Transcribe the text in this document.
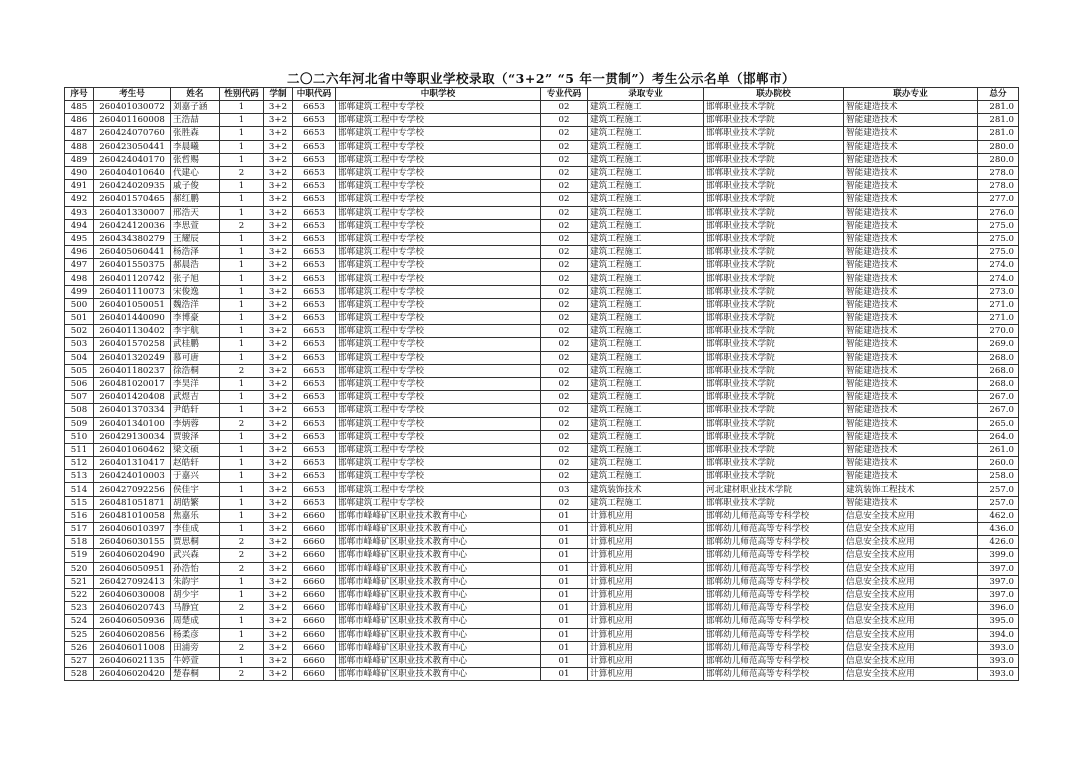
二〇二六年河北省中等职业学校录取（“3+2” “5 年一贯制”）考生公示名单（邯郸市）
序号	考生号	姓名	性别代码	学制	中职代码	中职学校	专业代码	录取专业	联办院校	联办专业	总分
485	260401030072	刘嘉子涵	1	3+2	6653	邯郸建筑工程中专学校	02	建筑工程施工	邯郸职业技术学院	智能建造技术	281.0
486	260401160008	王浩喆	1	3+2	6653	邯郸建筑工程中专学校	02	建筑工程施工	邯郸职业技术学院	智能建造技术	281.0
487	260424070760	张胜森	1	3+2	6653	邯郸建筑工程中专学校	02	建筑工程施工	邯郸职业技术学院	智能建造技术	281.0
488	260423050441	李晨曦	1	3+2	6653	邯郸建筑工程中专学校	02	建筑工程施工	邯郸职业技术学院	智能建造技术	280.0
489	260424040170	张哲赐	1	3+2	6653	邯郸建筑工程中专学校	02	建筑工程施工	邯郸职业技术学院	智能建造技术	280.0
490	260404010640	代建心	2	3+2	6653	邯郸建筑工程中专学校	02	建筑工程施工	邯郸职业技术学院	智能建造技术	278.0
491	260424020935	戚子俊	1	3+2	6653	邯郸建筑工程中专学校	02	建筑工程施工	邯郸职业技术学院	智能建造技术	278.0
492	260401570465	郝红鹏	1	3+2	6653	邯郸建筑工程中专学校	02	建筑工程施工	邯郸职业技术学院	智能建造技术	277.0
493	260401330007	邢浩天	1	3+2	6653	邯郸建筑工程中专学校	02	建筑工程施工	邯郸职业技术学院	智能建造技术	276.0
494	260424120036	李思萱	2	3+2	6653	邯郸建筑工程中专学校	02	建筑工程施工	邯郸职业技术学院	智能建造技术	275.0
495	260434380279	王耀辰	1	3+2	6653	邯郸建筑工程中专学校	02	建筑工程施工	邯郸职业技术学院	智能建造技术	275.0
496	260405060441	杨浩泽	1	3+2	6653	邯郸建筑工程中专学校	02	建筑工程施工	邯郸职业技术学院	智能建造技术	275.0
497	260401550375	郝晨浩	1	3+2	6653	邯郸建筑工程中专学校	02	建筑工程施工	邯郸职业技术学院	智能建造技术	274.0
498	260401120742	张子旭	1	3+2	6653	邯郸建筑工程中专学校	02	建筑工程施工	邯郸职业技术学院	智能建造技术	274.0
499	260401110073	宋俊逸	1	3+2	6653	邯郸建筑工程中专学校	02	建筑工程施工	邯郸职业技术学院	智能建造技术	273.0
500	260401050051	魏浩洋	1	3+2	6653	邯郸建筑工程中专学校	02	建筑工程施工	邯郸职业技术学院	智能建造技术	271.0
501	260401440090	李博豪	1	3+2	6653	邯郸建筑工程中专学校	02	建筑工程施工	邯郸职业技术学院	智能建造技术	271.0
502	260401130402	李宇航	1	3+2	6653	邯郸建筑工程中专学校	02	建筑工程施工	邯郸职业技术学院	智能建造技术	270.0
503	260401570258	武桂鹏	1	3+2	6653	邯郸建筑工程中专学校	02	建筑工程施工	邯郸职业技术学院	智能建造技术	269.0
504	260401320249	慕可唐	1	3+2	6653	邯郸建筑工程中专学校	02	建筑工程施工	邯郸职业技术学院	智能建造技术	268.0
505	260401180237	徐浩桐	2	3+2	6653	邯郸建筑工程中专学校	02	建筑工程施工	邯郸职业技术学院	智能建造技术	268.0
506	260481020017	李昊洋	1	3+2	6653	邯郸建筑工程中专学校	02	建筑工程施工	邯郸职业技术学院	智能建造技术	268.0
507	260401420408	武煜吉	1	3+2	6653	邯郸建筑工程中专学校	02	建筑工程施工	邯郸职业技术学院	智能建造技术	267.0
508	260401370334	尹皓轩	1	3+2	6653	邯郸建筑工程中专学校	02	建筑工程施工	邯郸职业技术学院	智能建造技术	267.0
509	260401340100	李炳蓉	2	3+2	6653	邯郸建筑工程中专学校	02	建筑工程施工	邯郸职业技术学院	智能建造技术	265.0
510	260429130034	贾骏泽	1	3+2	6653	邯郸建筑工程中专学校	02	建筑工程施工	邯郸职业技术学院	智能建造技术	264.0
511	260401060462	梁文硕	1	3+2	6653	邯郸建筑工程中专学校	02	建筑工程施工	邯郸职业技术学院	智能建造技术	261.0
512	260401310417	赵皓轩	1	3+2	6653	邯郸建筑工程中专学校	02	建筑工程施工	邯郸职业技术学院	智能建造技术	260.0
513	260424010003	于嘉兴	1	3+2	6653	邯郸建筑工程中专学校	02	建筑工程施工	邯郸职业技术学院	智能建造技术	258.0
514	260427092256	侯佳宇	1	3+2	6653	邯郸建筑工程中专学校	03	建筑装饰技术	河北建材职业技术学院	建筑装饰工程技术	257.0
515	260481051871	胡皓繁	1	3+2	6653	邯郸建筑工程中专学校	02	建筑工程施工	邯郸职业技术学院	智能建造技术	257.0
516	260481010058	焦嘉乐	1	3+2	6660	邯郸市峰峰矿区职业技术教育中心	01	计算机应用	邯郸幼儿师范高等专科学校	信息安全技术应用	462.0
517	260406010397	李佳成	1	3+2	6660	邯郸市峰峰矿区职业技术教育中心	01	计算机应用	邯郸幼儿师范高等专科学校	信息安全技术应用	436.0
518	260406030155	贾思桐	2	3+2	6660	邯郸市峰峰矿区职业技术教育中心	01	计算机应用	邯郸幼儿师范高等专科学校	信息安全技术应用	426.0
519	260406020490	武兴森	2	3+2	6660	邯郸市峰峰矿区职业技术教育中心	01	计算机应用	邯郸幼儿师范高等专科学校	信息安全技术应用	399.0
520	260406050951	孙浩怡	2	3+2	6660	邯郸市峰峰矿区职业技术教育中心	01	计算机应用	邯郸幼儿师范高等专科学校	信息安全技术应用	397.0
521	260427092413	朱韵宇	1	3+2	6660	邯郸市峰峰矿区职业技术教育中心	01	计算机应用	邯郸幼儿师范高等专科学校	信息安全技术应用	397.0
522	260406030008	胡少宇	1	3+2	6660	邯郸市峰峰矿区职业技术教育中心	01	计算机应用	邯郸幼儿师范高等专科学校	信息安全技术应用	397.0
523	260406020743	马静宜	2	3+2	6660	邯郸市峰峰矿区职业技术教育中心	01	计算机应用	邯郸幼儿师范高等专科学校	信息安全技术应用	396.0
524	260406050936	周楚成	1	3+2	6660	邯郸市峰峰矿区职业技术教育中心	01	计算机应用	邯郸幼儿师范高等专科学校	信息安全技术应用	395.0
525	260406020856	杨柔彦	1	3+2	6660	邯郸市峰峰矿区职业技术教育中心	01	计算机应用	邯郸幼儿师范高等专科学校	信息安全技术应用	394.0
526	260406011008	田浦旁	2	3+2	6660	邯郸市峰峰矿区职业技术教育中心	01	计算机应用	邯郸幼儿师范高等专科学校	信息安全技术应用	393.0
527	260406021135	牛婷萱	1	3+2	6660	邯郸市峰峰矿区职业技术教育中心	01	计算机应用	邯郸幼儿师范高等专科学校	信息安全技术应用	393.0
528	260406020420	楚春桐	2	3+2	6660	邯郸市峰峰矿区职业技术教育中心	01	计算机应用	邯郸幼儿师范高等专科学校	信息安全技术应用	393.0
